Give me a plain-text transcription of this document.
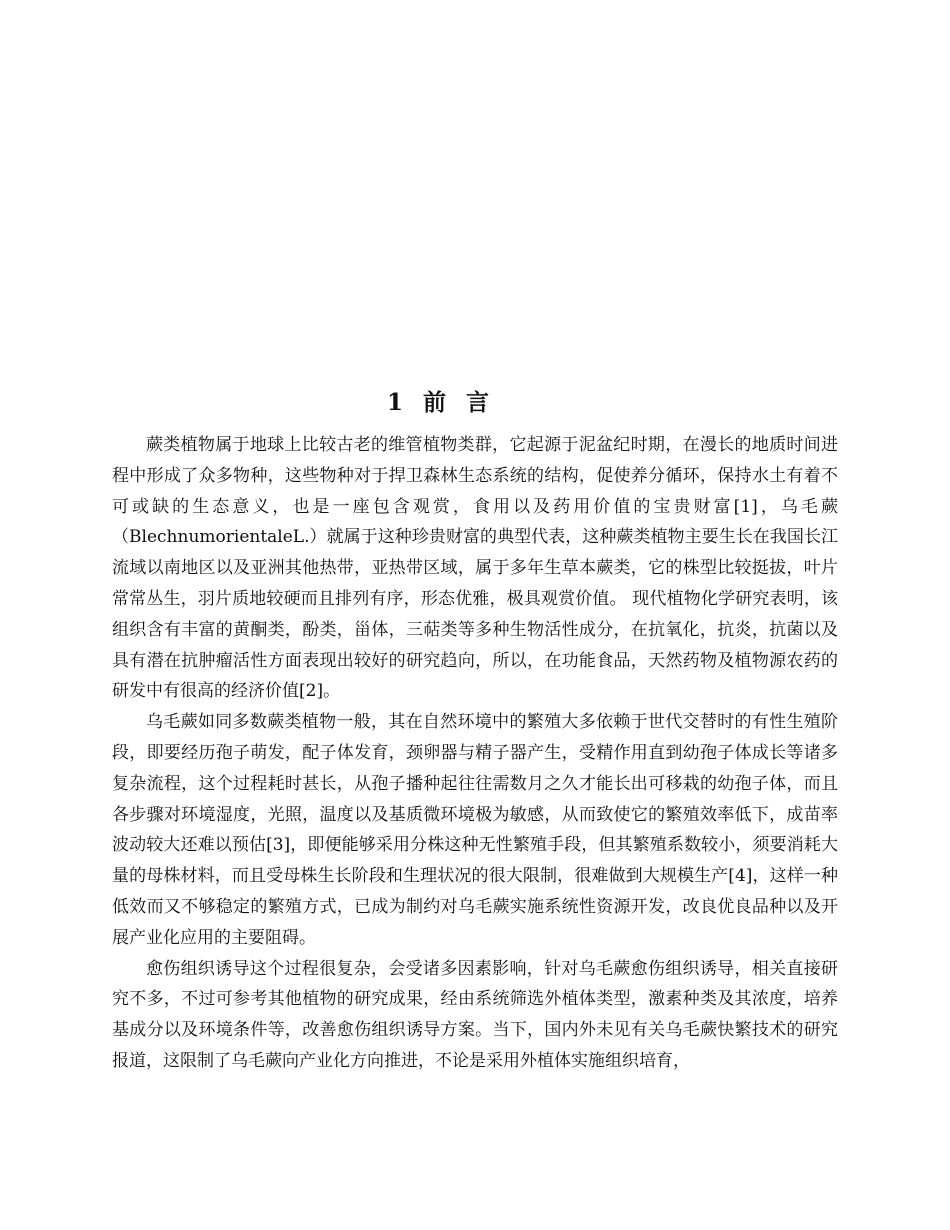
1 前 言

蕨类植物属于地球上比较古老的维管植物类群，它起源于泥盆纪时期，在漫长的地质时间进程中形成了众多物种，这些物种对于捍卫森林生态系统的结构，促使养分循环，保持水土有着不可或缺的生态意义，也是一座包含观赏，食用以及药用价值的宝贵财富[1]，乌毛蕨（BlechnumorientaleL.）就属于这种珍贵财富的典型代表，这种蕨类植物主要生长在我国长江流域以南地区以及亚洲其他热带，亚热带区域，属于多年生草本蕨类，它的株型比较挺拔，叶片常常丛生，羽片质地较硬而且排列有序，形态优雅，极具观赏价值。 现代植物化学研究表明，该组织含有丰富的黄酮类，酚类，甾体，三萜类等多种生物活性成分，在抗氧化，抗炎，抗菌以及具有潜在抗肿瘤活性方面表现出较好的研究趋向，所以，在功能食品，天然药物及植物源农药的研发中有很高的经济价值[2]。

乌毛蕨如同多数蕨类植物一般，其在自然环境中的繁殖大多依赖于世代交替时的有性生殖阶段，即要经历孢子萌发，配子体发育，颈卵器与精子器产生，受精作用直到幼孢子体成长等诸多复杂流程，这个过程耗时甚长，从孢子播种起往往需数月之久才能长出可移栽的幼孢子体，而且各步骤对环境湿度，光照，温度以及基质微环境极为敏感，从而致使它的繁殖效率低下，成苗率波动较大还难以预估[3]，即便能够采用分株这种无性繁殖手段，但其繁殖系数较小，须要消耗大量的母株材料，而且受母株生长阶段和生理状况的很大限制，很难做到大规模生产[4]，这样一种低效而又不够稳定的繁殖方式，已成为制约对乌毛蕨实施系统性资源开发，改良优良品种以及开展产业化应用的主要阻碍。

愈伤组织诱导这个过程很复杂，会受诸多因素影响，针对乌毛蕨愈伤组织诱导，相关直接研究不多，不过可参考其他植物的研究成果，经由系统筛选外植体类型，激素种类及其浓度，培养基成分以及环境条件等，改善愈伤组织诱导方案。当下，国内外未见有关乌毛蕨快繁技术的研究报道，这限制了乌毛蕨向产业化方向推进，不论是采用外植体实施组织培育，
